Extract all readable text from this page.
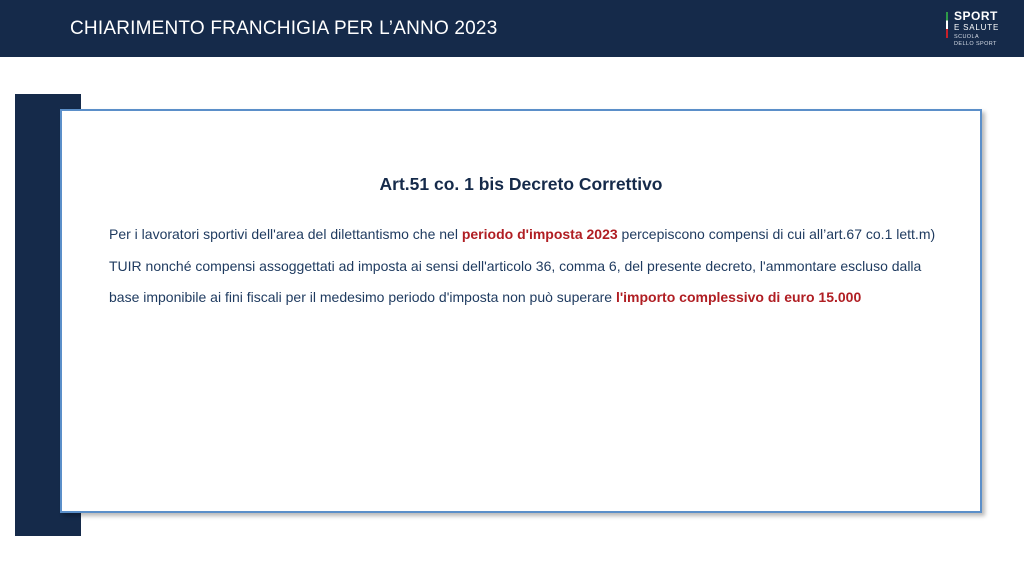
CHIARIMENTO FRANCHIGIA PER L’ANNO 2023
SPORT
E SALUTE
SCUOLA
DELLO SPORT
Art.51 co. 1 bis Decreto Correttivo
Per i lavoratori sportivi dell'area del dilettantismo che nel periodo d'imposta 2023 percepiscono compensi di cui all’art.67 co.1 lett.m) TUIR nonché compensi assoggettati ad imposta ai sensi dell'articolo 36, comma 6, del presente decreto, l'ammontare escluso dalla base imponibile ai fini fiscali per il medesimo periodo d'imposta non può superare l'importo complessivo di euro 15.000
